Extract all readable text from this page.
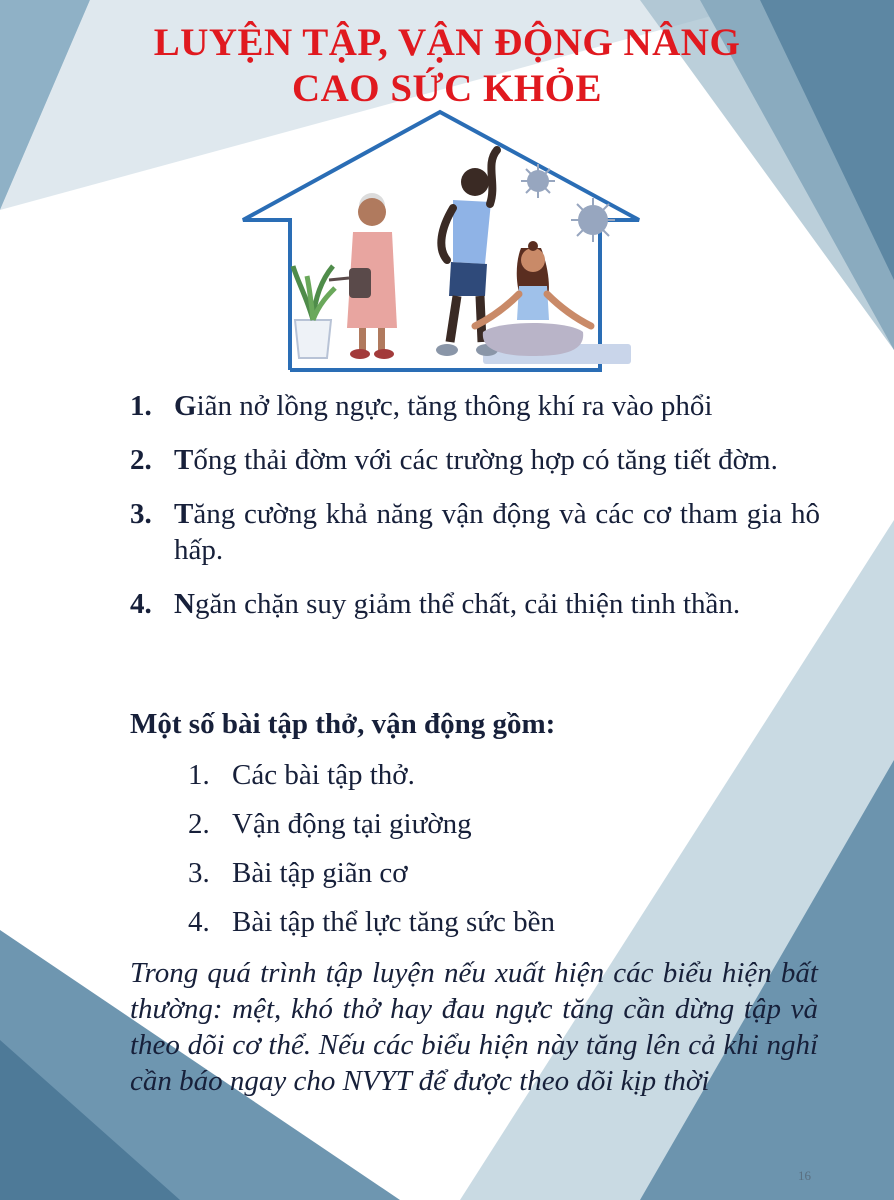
LUYỆN TẬP, VẬN ĐỘNG NÂNG
CAO SỨC KHỎE
1. Giãn nở lồng ngực, tăng thông khí ra vào phổi
2. Tống thải đờm với các trường hợp có tăng tiết đờm.
3. Tăng cường khả năng vận động và các cơ tham gia hô hấp.
4. Ngăn chặn suy giảm thể chất, cải thiện tinh thần.
Một số bài tập thở, vận động gồm:
1. Các bài tập thở.
2. Vận động tại giường
3. Bài tập giãn cơ
4. Bài tập thể lực tăng sức bền

Trong quá trình tập luyện nếu xuất hiện các biểu hiện bất thường: mệt, khó thở hay đau ngực tăng cần dừng tập và theo dõi cơ thể. Nếu các biểu hiện này tăng lên cả khi nghỉ cần báo ngay cho NVYT để được theo dõi kịp thời

16
